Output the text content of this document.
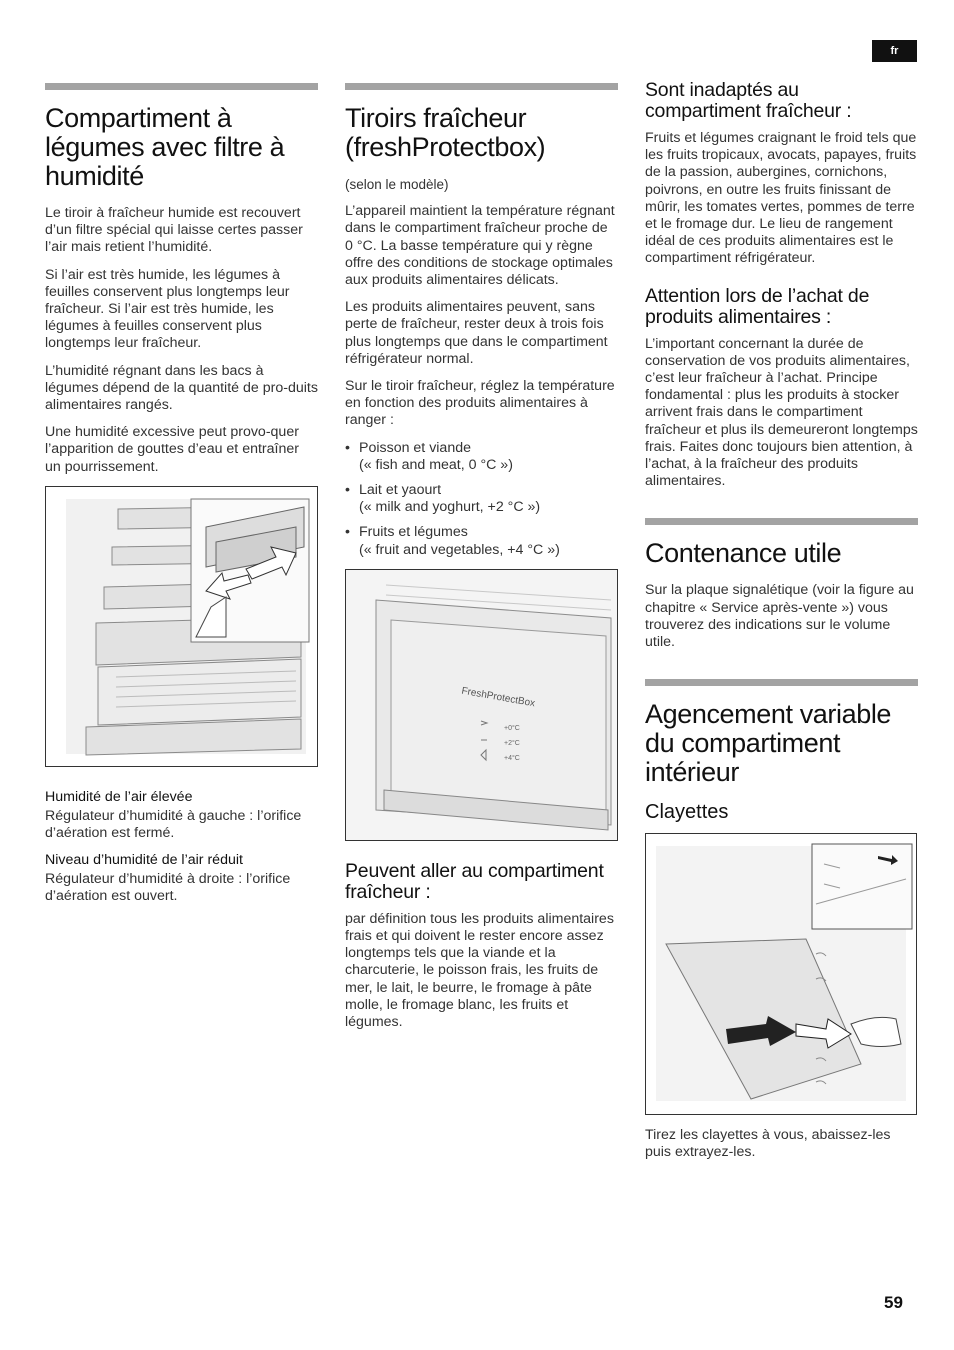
fr
Compartiment à légumes avec filtre à humidité

Le tiroir à fraîcheur humide est recouvert d’un filtre spécial qui laisse certes passer l’air mais retient l’humidité.

Si l’air est très humide, les légumes à feuilles conservent plus longtemps leur fraîcheur. Si l’air est très humide, les légumes à feuilles conservent plus longtemps leur fraîcheur.

L’humidité régnant dans les bacs à légumes dépend de la quantité de pro-duits alimentaires rangés.

Une humidité excessive peut provo-quer l’apparition de gouttes d’eau et entraîner un pourrissement.

Humidité de l’air élevée

Régulateur d’humidité à gauche : l’orifice d’aération est fermé.

Niveau d’humidité de l’air réduit

Régulateur d’humidité à droite : l’orifice d’aération est ouvert.

Tiroirs fraîcheur (freshProtectbox)

(selon le modèle)

L’appareil maintient la température régnant dans le compartiment fraîcheur proche de 0 °C. La basse température qui y règne offre des conditions de stockage optimales aux produits alimentaires délicats.

Les produits alimentaires peuvent, sans perte de fraîcheur, rester deux à trois fois plus longtemps que dans le compartiment réfrigérateur normal.

Sur le tiroir fraîcheur, réglez la température en fonction des produits alimentaires à ranger :

• Poisson et viande
(« fish and meat, 0 °C »)
• Lait et yaourt
(« milk and yoghurt, +2 °C »)
• Fruits et légumes
(« fruit and vegetables, +4 °C »)
FreshProtectBox
+0°C
+2°C
+4°C
Peuvent aller au compartiment fraîcheur :

par définition tous les produits alimentaires frais et qui doivent le rester encore assez longtemps tels que la viande et la charcuterie, le poisson frais, les fruits de mer, le lait, le beurre, le fromage à pâte molle, le fromage blanc, les fruits et légumes.

Sont inadaptés au compartiment fraîcheur :

Fruits et légumes craignant le froid tels que les fruits tropicaux, avocats, papayes, fruits de la passion, aubergines, cornichons, poivrons, en outre les fruits finissant de mûrir, les tomates vertes, pommes de terre et le fromage dur. Le lieu de rangement idéal de ces produits alimentaires est le compartiment réfrigérateur.

Attention lors de l’achat de produits alimentaires :

L’important concernant la durée de conservation de vos produits alimentaires, c’est leur fraîcheur à l’achat. Principe fondamental : plus les produits à stocker arrivent frais dans le compartiment fraîcheur et plus ils demeureront longtemps frais. Faites donc toujours bien attention, à l’achat, à la fraîcheur des produits alimentaires.

Contenance utile

Sur la plaque signalétique (voir la figure au chapitre « Service après-vente ») vous trouverez des indications sur le volume utile.

Agencement variable du compartiment intérieur
Clayettes

Tirez les clayettes à vous, abaissez-les puis extrayez-les.

59
